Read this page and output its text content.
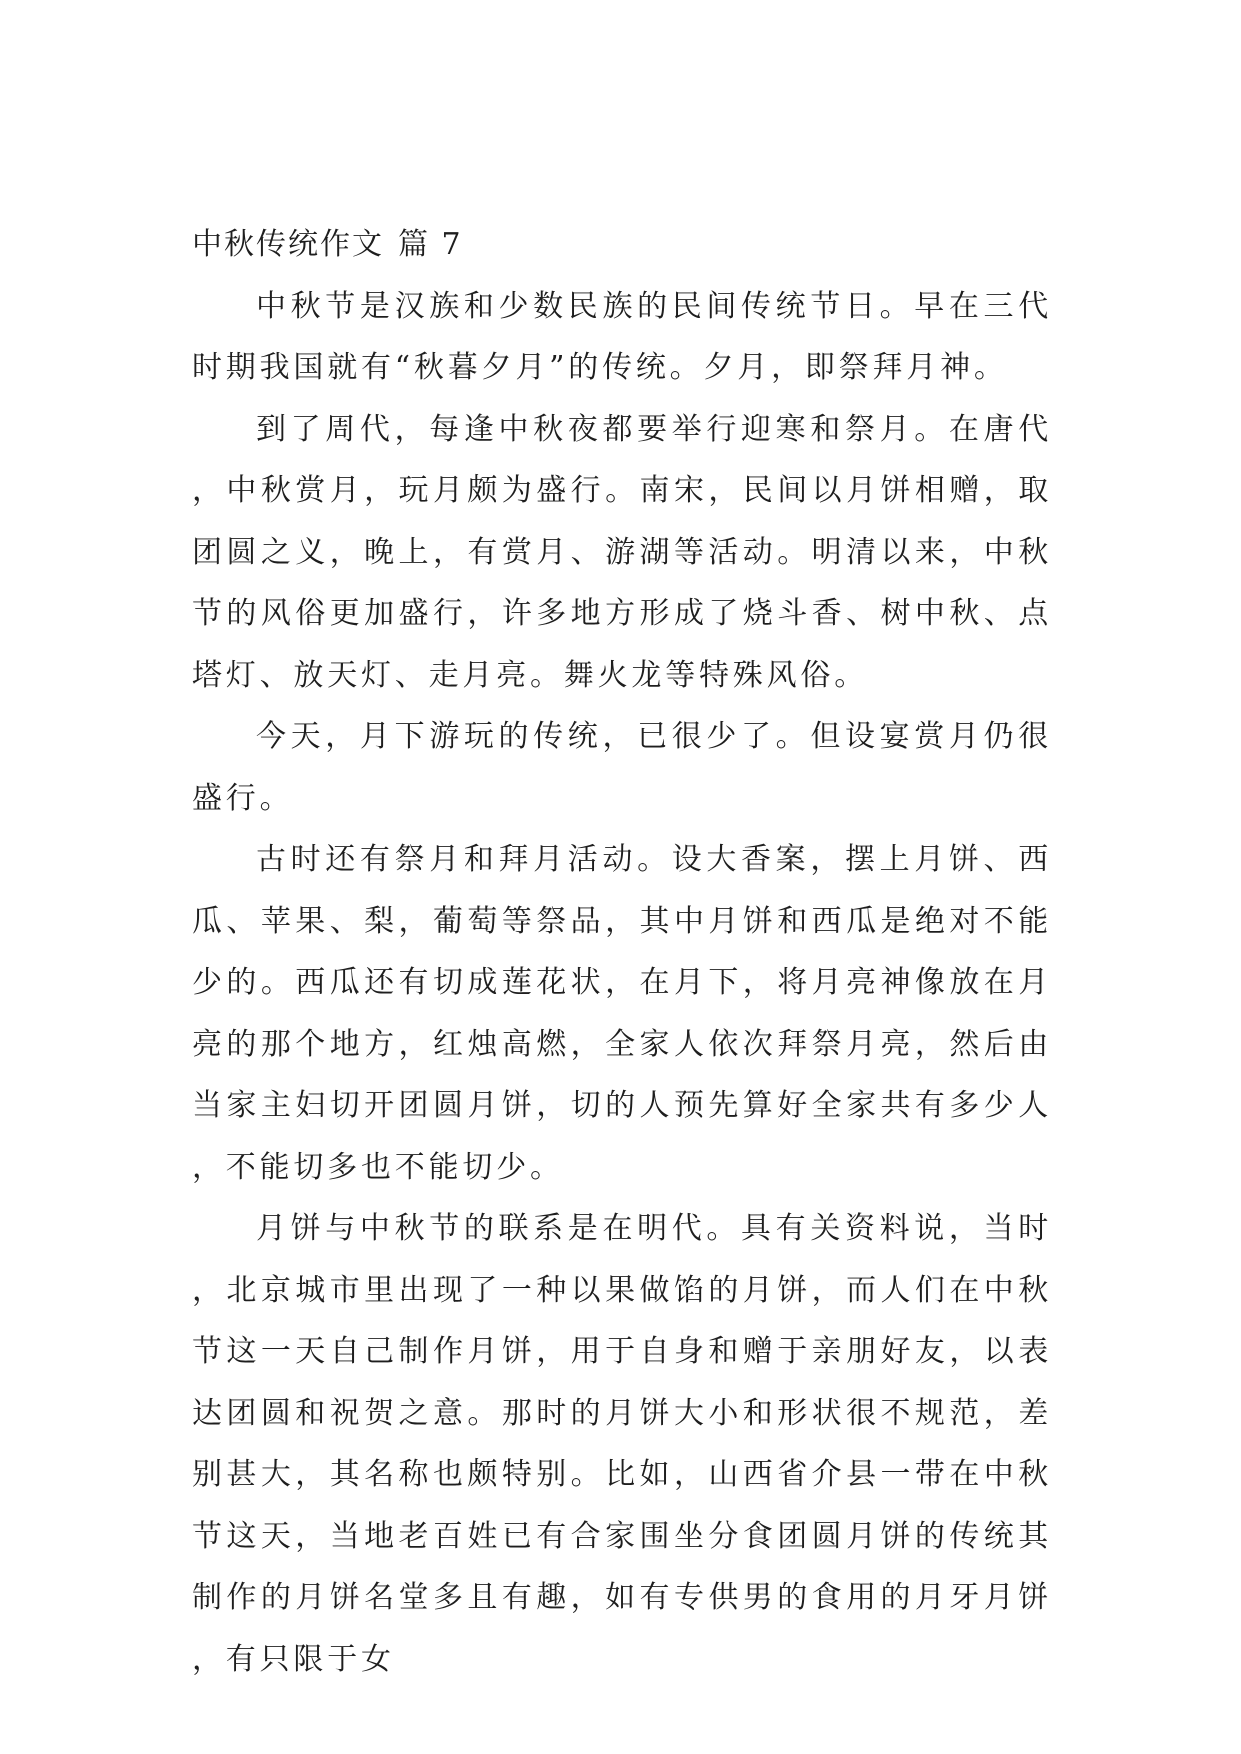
中秋传统作文 篇 7

中秋节是汉族和少数民族的民间传统节日。早在三代时期我国就有“秋暮夕月”的传统。夕月，即祭拜月神。

到了周代，每逢中秋夜都要举行迎寒和祭月。在唐代，中秋赏月，玩月颇为盛行。南宋，民间以月饼相赠，取团圆之义，晚上，有赏月、游湖等活动。明清以来，中秋节的风俗更加盛行，许多地方形成了烧斗香、树中秋、点塔灯、放天灯、走月亮。舞火龙等特殊风俗。

今天，月下游玩的传统，已很少了。但设宴赏月仍很盛行。

古时还有祭月和拜月活动。设大香案，摆上月饼、西瓜、苹果、梨，葡萄等祭品，其中月饼和西瓜是绝对不能少的。西瓜还有切成莲花状，在月下，将月亮神像放在月亮的那个地方，红烛高燃，全家人依次拜祭月亮，然后由当家主妇切开团圆月饼，切的人预先算好全家共有多少人，不能切多也不能切少。

月饼与中秋节的联系是在明代。具有关资料说，当时，北京城市里出现了一种以果做馅的月饼，而人们在中秋节这一天自己制作月饼，用于自身和赠于亲朋好友，以表达团圆和祝贺之意。那时的月饼大小和形状很不规范，差别甚大，其名称也颇特别。比如，山西省介县一带在中秋节这天，当地老百姓已有合家围坐分食团圆月饼的传统其制作的月饼名堂多且有趣，如有专供男的食用的月牙月饼，有只限于女
